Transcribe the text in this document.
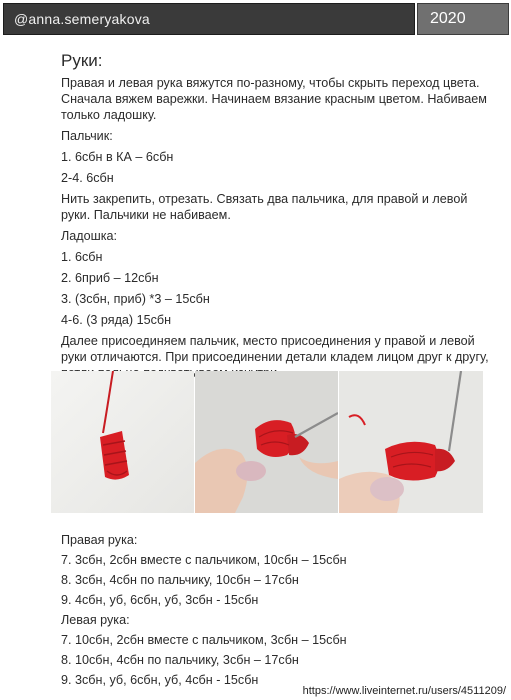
@anna.semeryakova	2020
Руки:
Правая и левая рука вяжутся по-разному, чтобы скрыть переход цвета. Сначала вяжем варежки. Начинаем вязание красным цветом. Набиваем только ладошку.
Пальчик:
1. 6сбн в КА – 6сбн
2-4. 6сбн
Нить закрепить, отрезать. Связать два пальчика, для правой и левой руки. Пальчики не набиваем.
Ладошка:
1. 6сбн
2. 6приб – 12сбн
3. (3сбн, приб) *3 – 15сбн
4-6. (3 ряда) 15сбн
Далее присоединяем пальчик, место присоединения у правой и левой руки отличаются. При присоединении детали кладем лицом друг к другу,
Правая рука:
7. 3сбн, 2сбн вместе с пальчиком, 10сбн – 15сбн
8. 3сбн, 4сбн по пальчику, 10сбн – 17сбн
9. 4сбн, уб, 6сбн, уб, 3сбн - 15сбн
Левая рука:
7. 10сбн, 2сбн вместе с пальчиком, 3сбн – 15сбн
8. 10сбн, 4сбн по пальчику, 3сбн – 17сбн
9. 3сбн, уб, 6сбн, уб, 4сбн - 15сбн
https://www.liveinternet.ru/users/4511209/
